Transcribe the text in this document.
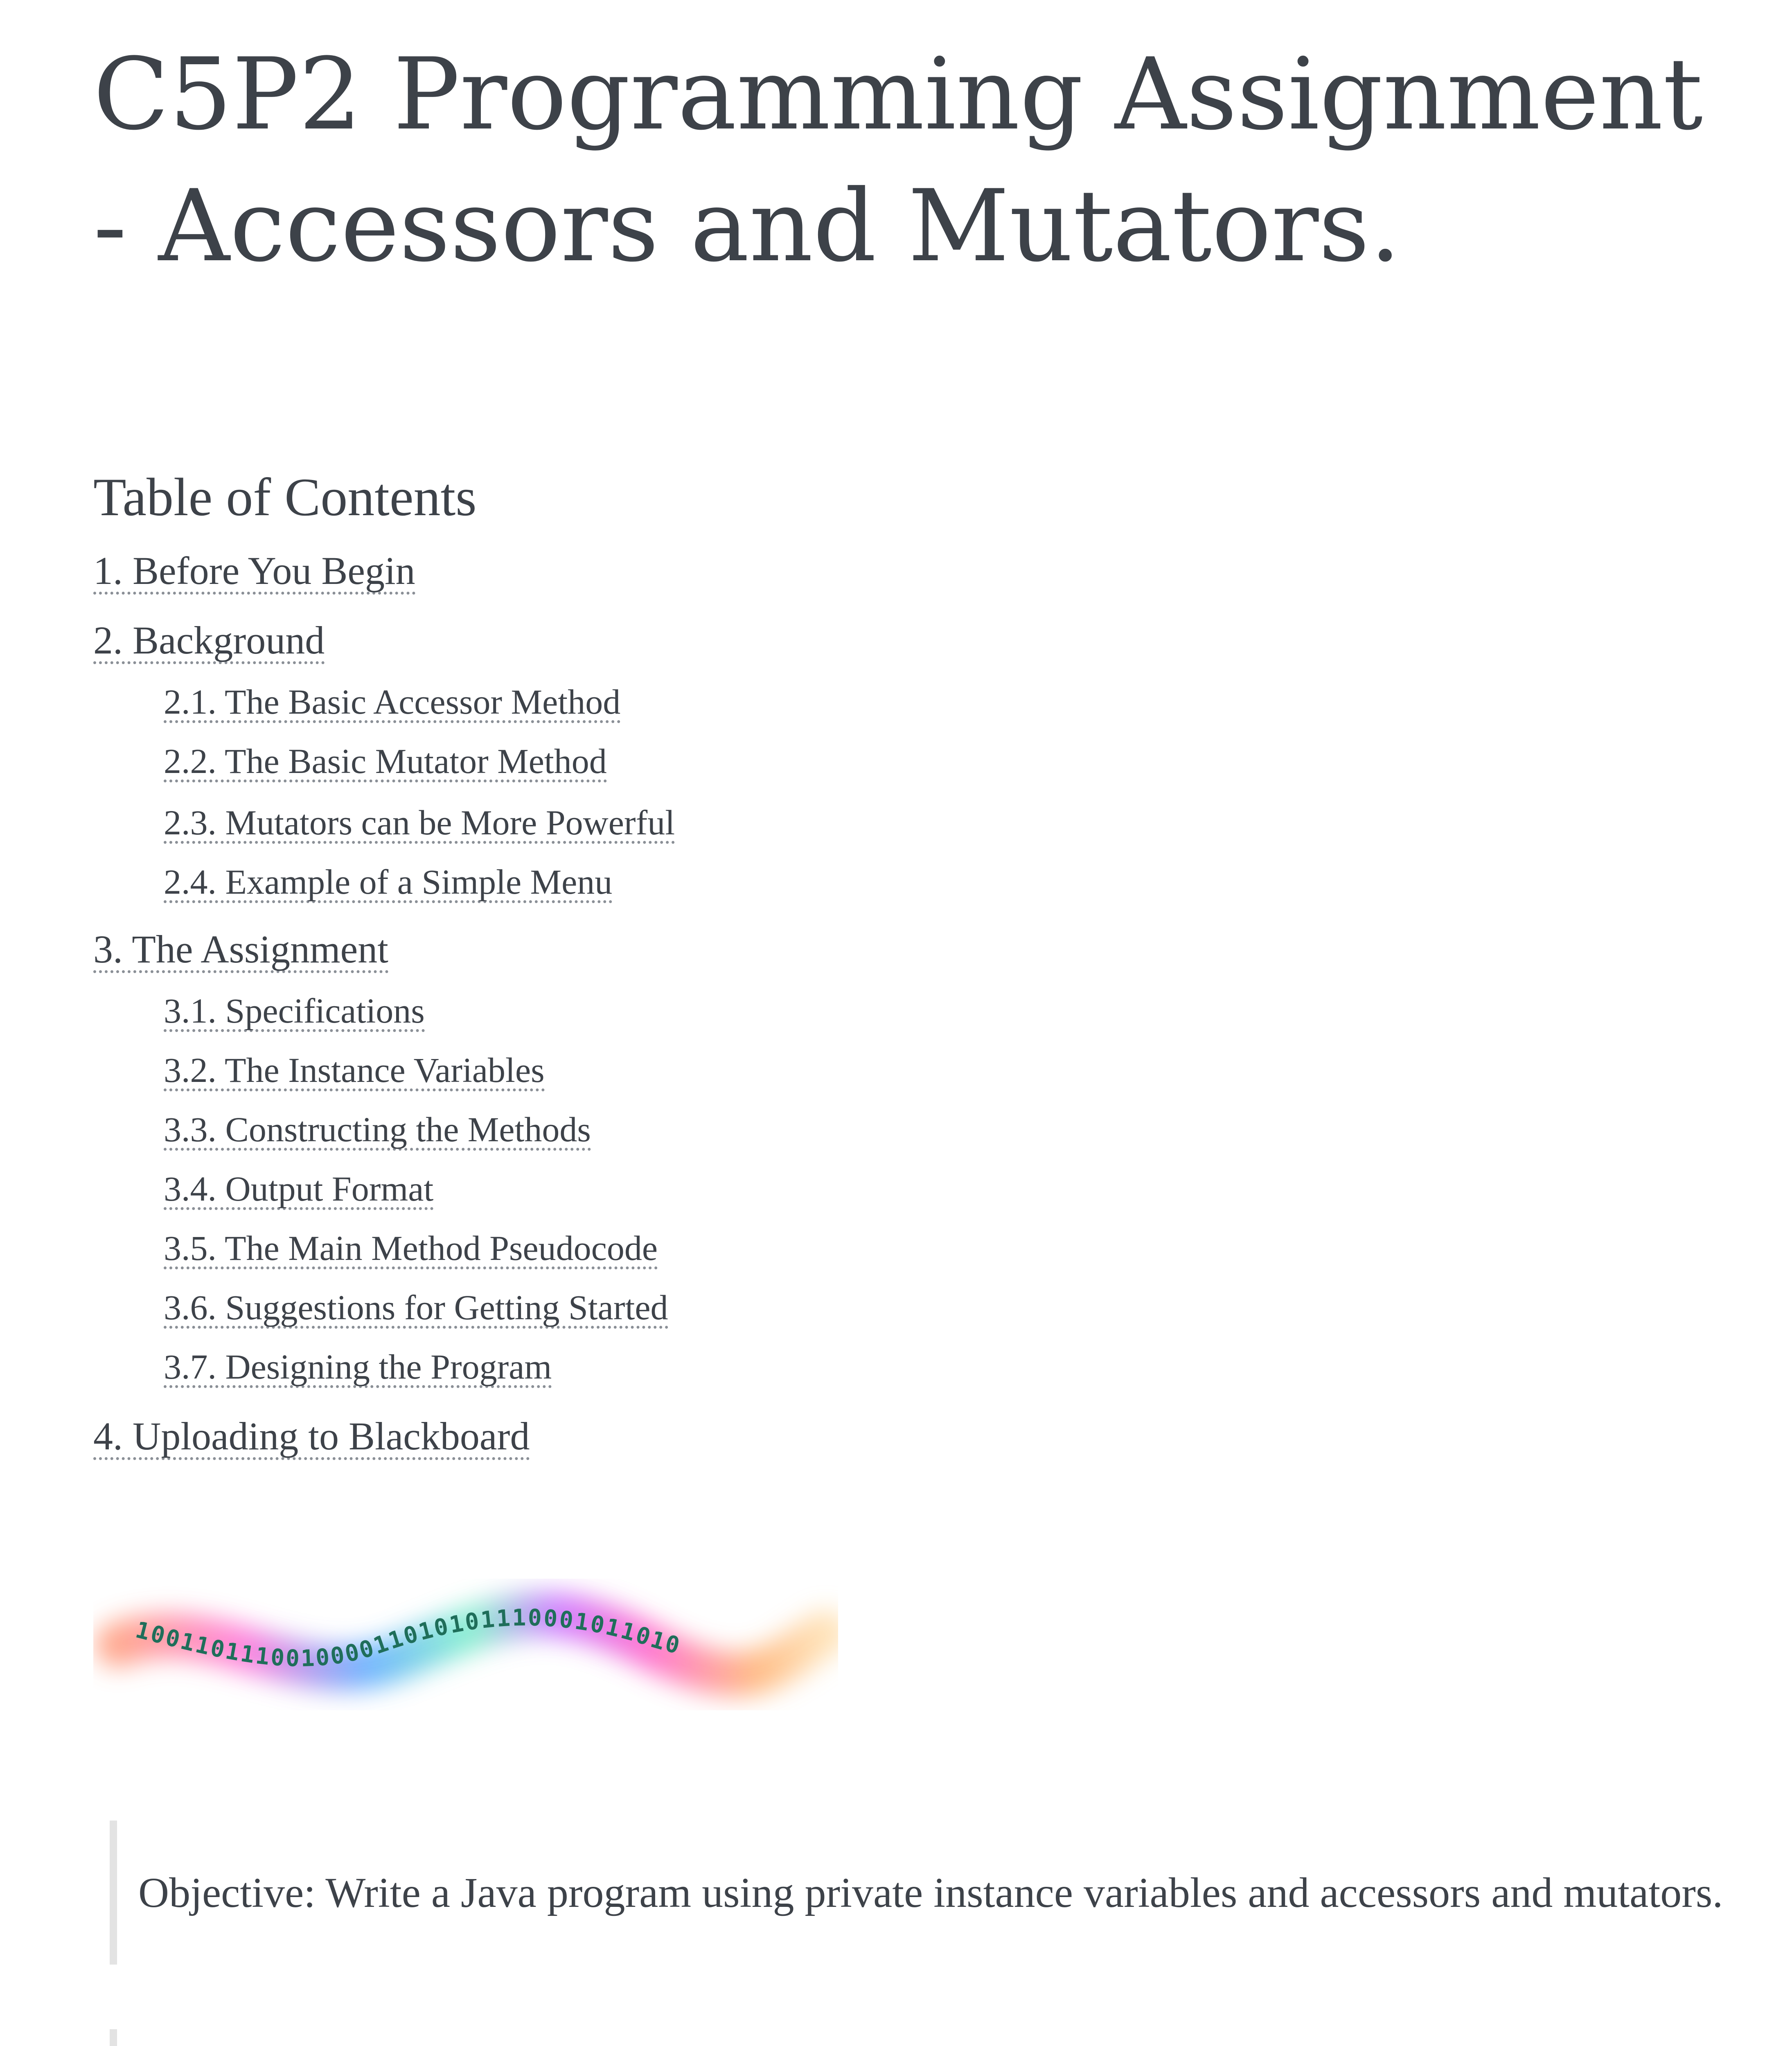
C5P2 Programming Assignment - Accessors and Mutators.
Table of Contents
1. Before You Begin
2. Background
2.1. The Basic Accessor Method
2.2. The Basic Mutator Method
2.3. Mutators can be More Powerful
2.4. Example of a Simple Menu
3. The Assignment
3.1. Specifications
3.2. The Instance Variables
3.3. Constructing the Methods
3.4. Output Format
3.5. The Main Method Pseudocode
3.6. Suggestions for Getting Started
3.7. Designing the Program
4. Uploading to Blackboard
100110111001000011010101110001011010
Objective: Write a Java program using private instance variables and accessors and mutators.
